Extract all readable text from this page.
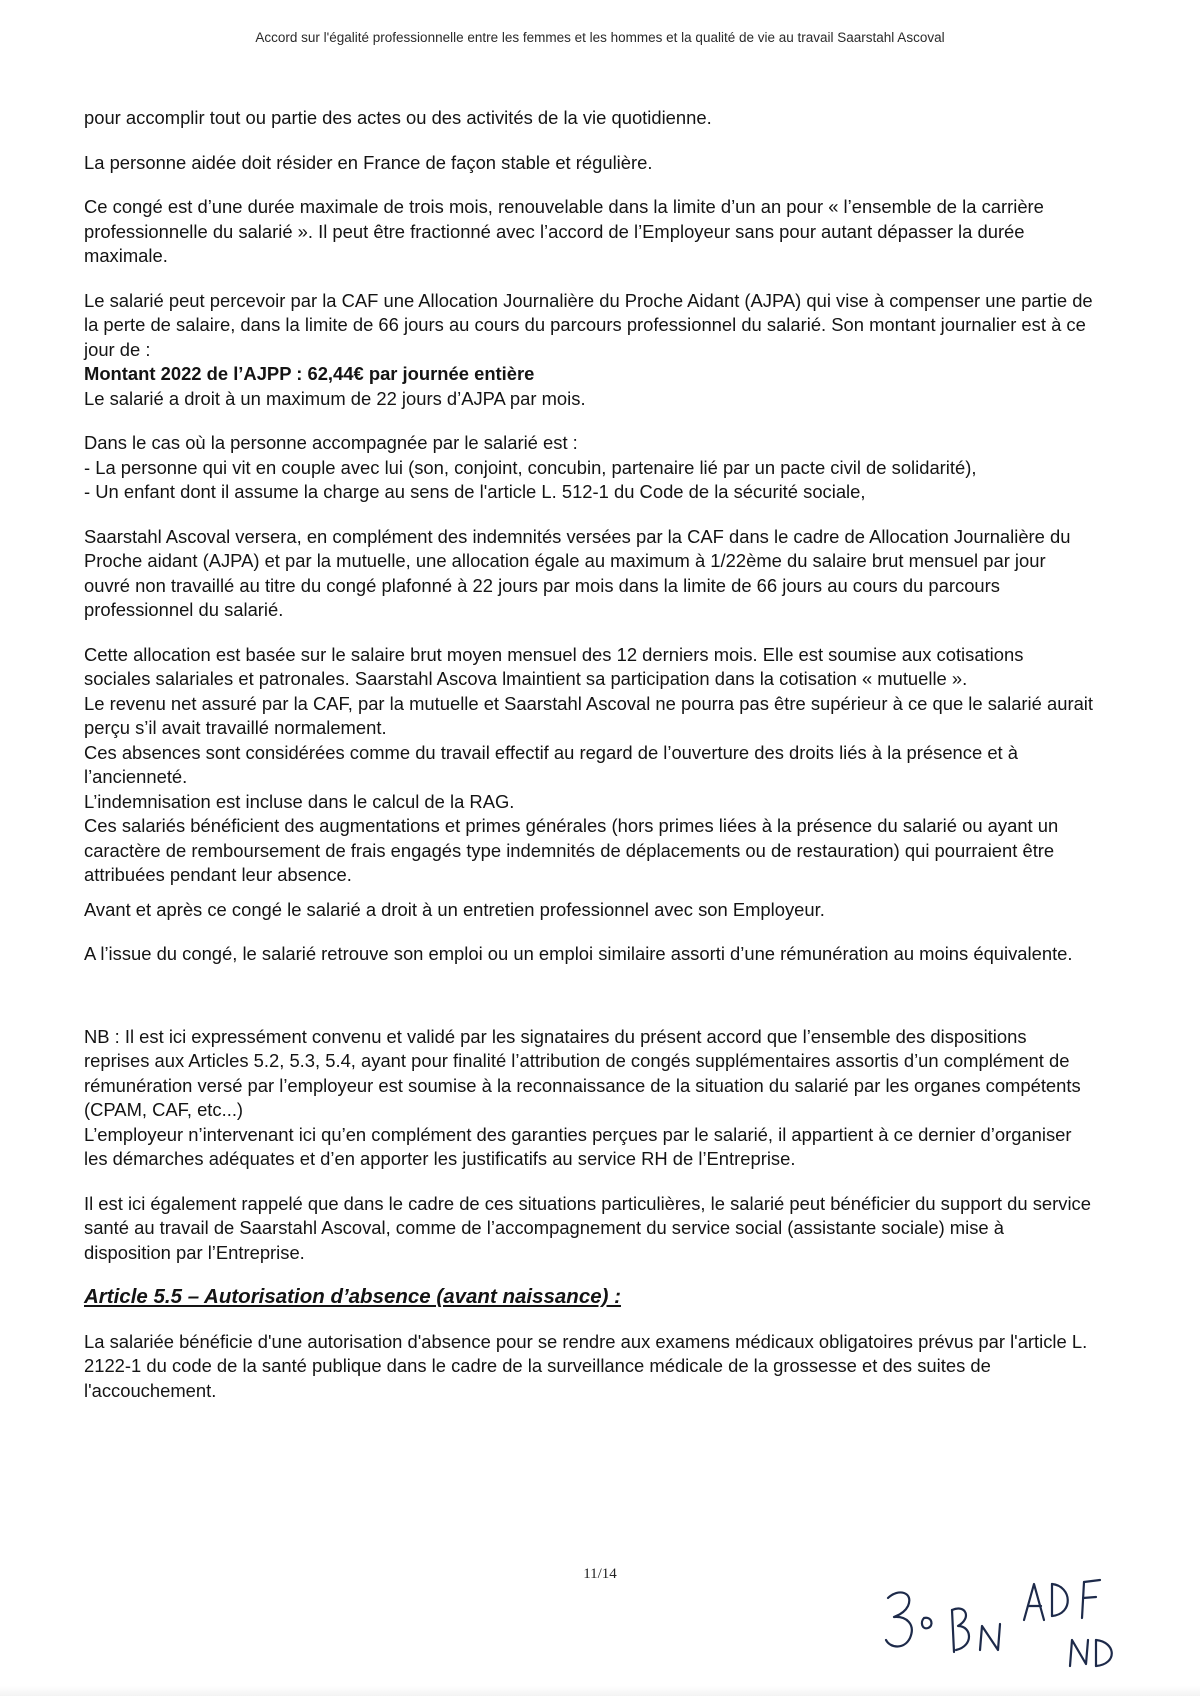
Accord sur l'égalité professionnelle entre les femmes et les hommes et la qualité de vie au travail Saarstahl Ascoval

pour accomplir tout ou partie des actes ou des activités de la vie quotidienne.

La personne aidée doit résider en France de façon stable et régulière.

Ce congé est d’une durée maximale de trois mois, renouvelable dans la limite d’un an pour « l’ensemble de la carrière professionnelle du salarié ». Il peut être fractionné avec l’accord de l’Employeur sans pour autant dépasser la durée maximale.

Le salarié peut percevoir par la CAF une Allocation Journalière du Proche Aidant (AJPA) qui vise à compenser une partie de la perte de salaire, dans la limite de 66 jours au cours du parcours professionnel du salarié. Son montant journalier est à ce jour de :
Montant 2022 de l’AJPP : 62,44€ par journée entière
Le salarié a droit à un maximum de 22 jours d’AJPA par mois.

Dans le cas où la personne accompagnée par le salarié est :
- La personne qui vit en couple avec lui (son, conjoint, concubin, partenaire lié par un pacte civil de solidarité),
- Un enfant dont il assume la charge au sens de l'article L. 512-1 du Code de la sécurité sociale,

Saarstahl Ascoval versera, en complément des indemnités versées par la CAF dans le cadre de Allocation Journalière du Proche aidant (AJPA) et par la mutuelle, une allocation égale au maximum à 1/22ème du salaire brut mensuel par jour ouvré non travaillé au titre du congé plafonné à 22 jours par mois dans la limite de 66 jours au cours du parcours professionnel du salarié.

Cette allocation est basée sur le salaire brut moyen mensuel des 12 derniers mois. Elle est soumise aux cotisations sociales salariales et patronales. Saarstahl Ascova lmaintient sa participation dans la cotisation « mutuelle ».

Le revenu net assuré par la CAF, par la mutuelle et Saarstahl Ascoval ne pourra pas être supérieur à ce que le salarié aurait perçu s’il avait travaillé normalement.

Ces absences sont considérées comme du travail effectif au regard de l’ouverture des droits liés à la présence et à l’ancienneté.

L’indemnisation est incluse dans le calcul de la RAG.

Ces salariés bénéficient des augmentations et primes générales (hors primes liées à la présence du salarié ou ayant un caractère de remboursement de frais engagés type indemnités de déplacements ou de restauration) qui pourraient être attribuées pendant leur absence.

Avant et après ce congé le salarié a droit à un entretien professionnel avec son Employeur.

A l’issue du congé, le salarié retrouve son emploi ou un emploi similaire assorti d’une rémunération au moins équivalente.

NB : Il est ici expressément convenu et validé par les signataires du présent accord que l’ensemble des dispositions reprises aux Articles 5.2, 5.3, 5.4, ayant pour finalité l’attribution de congés supplémentaires assortis d’un complément de rémunération versé par l’employeur est soumise à la reconnaissance de la situation du salarié par les organes compétents (CPAM, CAF, etc...)

L’employeur n’intervenant ici qu’en complément des garanties perçues par le salarié, il appartient à ce dernier d’organiser les démarches adéquates et d’en apporter les justificatifs au service RH de l’Entreprise.

Il est ici également rappelé que dans le cadre de ces situations particulières, le salarié peut bénéficier du support du service santé au travail de Saarstahl Ascoval, comme de l’accompagnement du service social (assistante sociale) mise à disposition par l’Entreprise.

Article 5.5 – Autorisation d’absence (avant naissance) :

La salariée bénéficie d'une autorisation d'absence pour se rendre aux examens médicaux obligatoires prévus par l'article L. 2122-1 du code de la santé publique dans le cadre de la surveillance médicale de la grossesse et des suites de l'accouchement.

11/14
